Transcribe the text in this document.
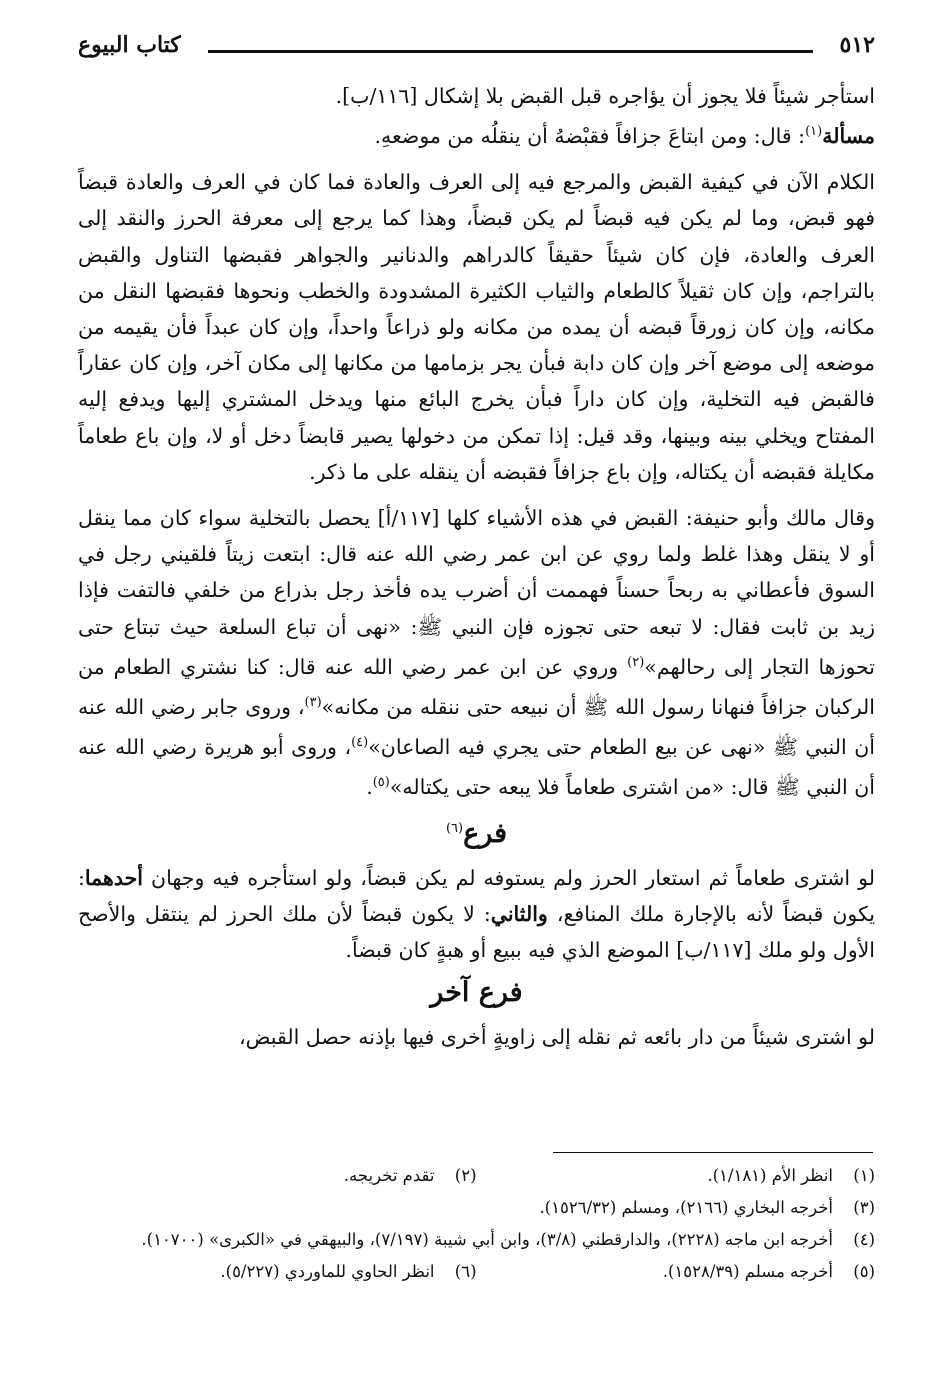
٥١٢
كتاب البيوع

استأجر شيئاً فلا يجوز أن يؤاجره قبل القبض بلا إشكال [١١٦/ب].

مسألة$^{(١)}$: قال: ومن ابتاعَ جزافاً فقبْضهُ أن ينقلُه من موضعهِ.

الكلام الآن في كيفية القبض والمرجع فيه إلى العرف والعادة فما كان في العرف والعادة قبضاً فهو قبض، وما لم يكن فيه قبضاً لم يكن قبضاً، وهذا كما يرجع إلى معرفة الحرز والنقد إلى العرف والعادة، فإن كان شيئاً حقيقاً كالدراهم والدنانير والجواهر فقبضها التناول والقبض بالتراجم، وإن كان ثقيلاً كالطعام والثياب الكثيرة المشدودة والخطب ونحوها فقبضها النقل من مكانه، وإن كان زورقاً قبضه أن يمده من مكانه ولو ذراعاً واحداً، وإن كان عبداً فأن يقيمه من موضعه إلى موضع آخر وإن كان دابة فبأن يجر بزمامها من مكانها إلى مكان آخر، وإن كان عقاراً فالقبض فيه التخلية، وإن كان داراً فبأن يخرج البائع منها ويدخل المشتري إليها ويدفع إليه المفتاح ويخلي بينه وبينها، وقد قيل: إذا تمكن من دخولها يصير قابضاً دخل أو لا، وإن باع طعاماً مكايلة فقبضه أن يكتاله، وإن باع جزافاً فقبضه أن ينقله على ما ذكر.

وقال مالك وأبو حنيفة: القبض في هذه الأشياء كلها [١١٧/أ] يحصل بالتخلية سواء كان مما ينقل أو لا ينقل وهذا غلط ولما روي عن ابن عمر رضي الله عنه قال: ابتعت زيتاً فلقيني رجل في السوق فأعطاني به ربحاً حسناً فهممت أن أضرب يده فأخذ رجل بذراع من خلفي فالتفت فإذا زيد بن ثابت فقال: لا تبعه حتى تجوزه فإن النبي ﷺ: «نهى أن تباع السلعة حيث تبتاع حتى تحوزها التجار إلى رحالهم»$^{(٢)}$ وروي عن ابن عمر رضي الله عنه قال: كنا نشتري الطعام من الركبان جزافاً فنهانا رسول الله ﷺ أن نبيعه حتى ننقله من مكانه»$^{(٣)}$، وروى جابر رضي الله عنه أن النبي ﷺ «نهى عن بيع الطعام حتى يجري فيه الصاعان»$^{(٤)}$، وروى أبو هريرة رضي الله عنه أن النبي ﷺ قال: «من اشترى طعاماً فلا يبعه حتى يكتاله»$^{(٥)}$.

فرع$^{(٦)}$

لو اشترى طعاماً ثم استعار الحرز ولم يستوفه لم يكن قبضاً، ولو استأجره فيه وجهان أحدهما: يكون قبضاً لأنه بالإجارة ملك المنافع، والثاني: لا يكون قبضاً لأن ملك الحرز لم ينتقل والأصح الأول ولو ملك [١١٧/ب] الموضع الذي فيه ببيع أو هبةٍ كان قبضاً.

فرع آخر

لو اشترى شيئاً من دار بائعه ثم نقله إلى زاويةٍ أخرى فيها بإذنه حصل القبض،

(١)
انظر الأم (١/١٨١).
(٢)
تقدم تخريجه.
(٣)
أخرجه البخاري (٢١٦٦)، ومسلم (١٥٢٦/٣٢).
(٤)
أخرجه ابن ماجه (٢٢٢٨)، والدارقطني (٣/٨)، وابن أبي شيبة (٧/١٩٧)، والبيهقي في «الكبرى» (١٠٧٠٠).
(٥)
أخرجه مسلم (١٥٢٨/٣٩).
(٦)
انظر الحاوي للماوردي (٥/٢٢٧).
